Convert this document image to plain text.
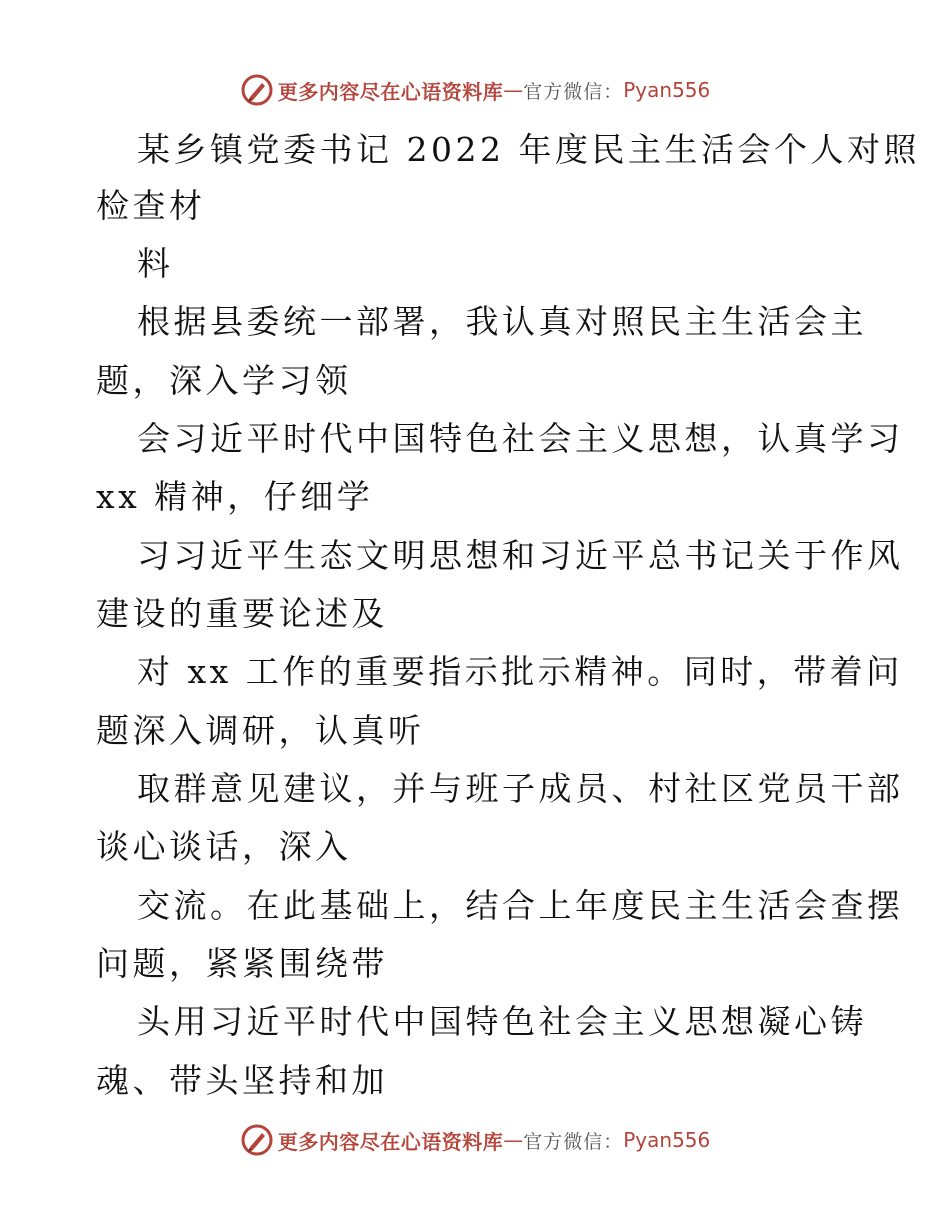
更多内容尽在心语资料库 — 官方微信： Pyan556
某乡镇党委书记 2022 年度民主生活会个人对照
检查材
料
根据县委统一部署，我认真对照民主生活会主
题，深入学习领
会习近平时代中国特色社会主义思想，认真学习
xx 精神，仔细学
习习近平生态文明思想和习近平总书记关于作风
建设的重要论述及
对 xx 工作的重要指示批示精神。同时，带着问
题深入调研，认真听
取群意见建议，并与班子成员、村社区党员干部
谈心谈话，深入
交流。在此基础上，结合上年度民主生活会查摆
问题，紧紧围绕带
头用习近平时代中国特色社会主义思想凝心铸
魂、带头坚持和加
更多内容尽在心语资料库 — 官方微信： Pyan556
